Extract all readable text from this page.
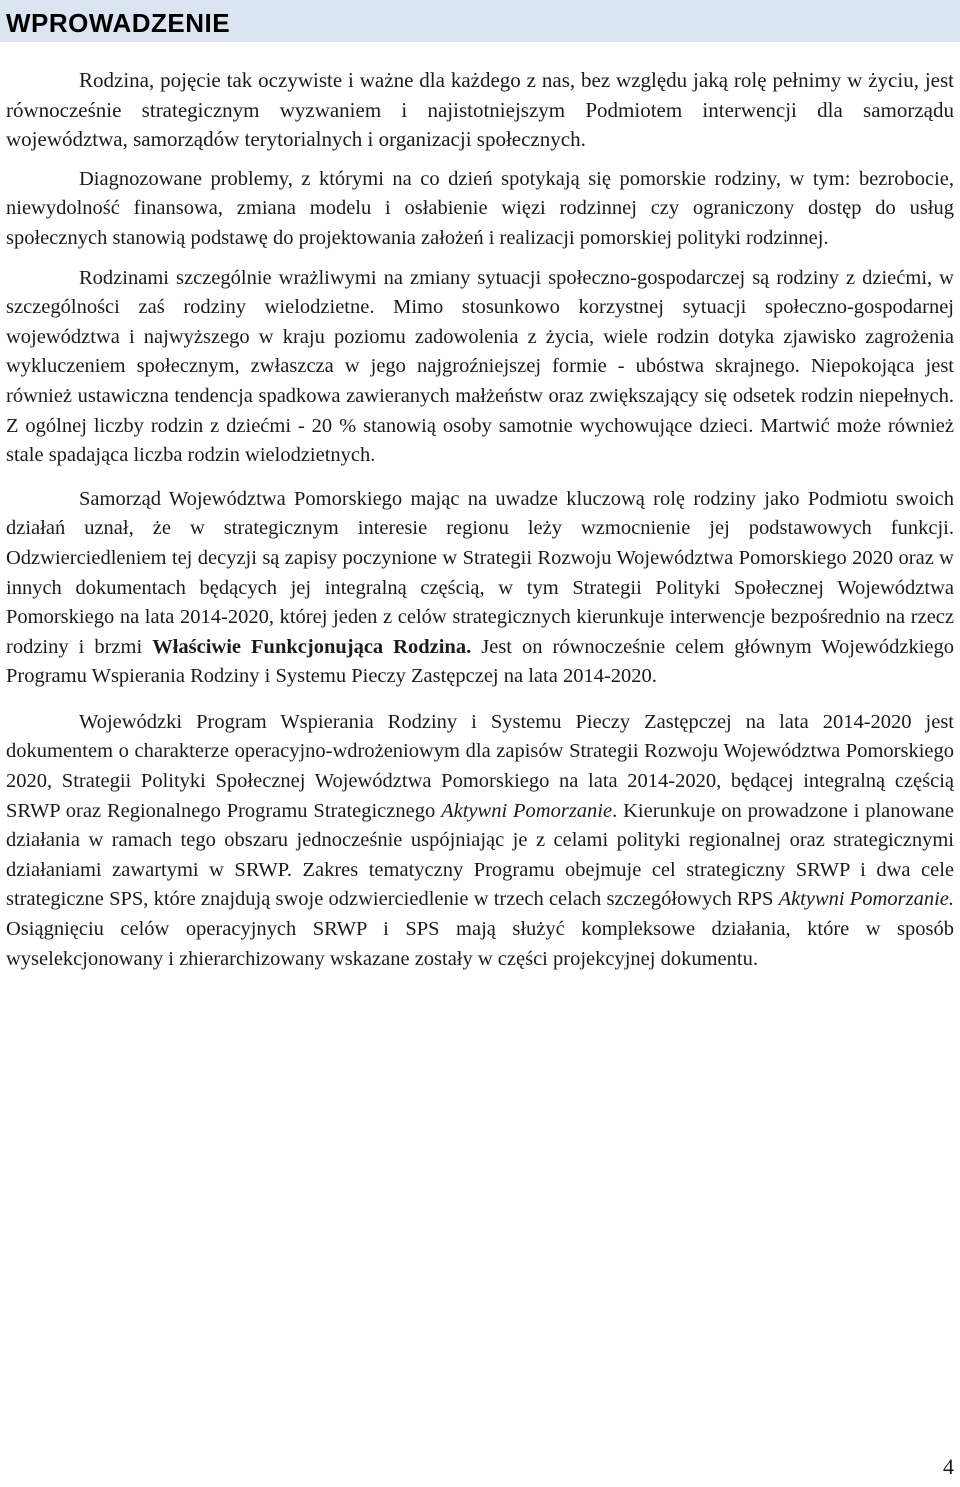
WPROWADZENIE

Rodzina, pojęcie tak oczywiste i ważne dla każdego z nas, bez względu jaką rolę pełnimy w życiu, jest równocześnie strategicznym wyzwaniem i najistotniejszym Podmiotem interwencji dla samorządu województwa, samorządów terytorialnych i organizacji społecznych.

Diagnozowane problemy, z którymi na co dzień spotykają się pomorskie rodziny, w tym: bezrobocie, niewydolność finansowa, zmiana modelu i osłabienie więzi rodzinnej czy ograniczony dostęp do usług społecznych stanowią podstawę do projektowania założeń i realizacji pomorskiej polityki rodzinnej.

Rodzinami szczególnie wrażliwymi na zmiany sytuacji społeczno-gospodarczej są rodziny z dziećmi, w szczególności zaś rodziny wielodzietne. Mimo stosunkowo korzystnej sytuacji społeczno-gospodarnej województwa i najwyższego w kraju poziomu zadowolenia z życia, wiele rodzin dotyka zjawisko zagrożenia wykluczeniem społecznym, zwłaszcza w jego najgroźniejszej formie - ubóstwa skrajnego. Niepokojąca jest również ustawiczna tendencja spadkowa zawieranych małżeństw oraz zwiększający się odsetek rodzin niepełnych. Z ogólnej liczby rodzin z dziećmi - 20 % stanowią osoby samotnie wychowujące dzieci. Martwić może również stale spadająca liczba rodzin wielodzietnych.

Samorząd Województwa Pomorskiego mając na uwadze kluczową rolę rodziny jako Podmiotu swoich działań uznał, że w strategicznym interesie regionu leży wzmocnienie jej podstawowych funkcji. Odzwierciedleniem tej decyzji są zapisy poczynione w Strategii Rozwoju Województwa Pomorskiego 2020 oraz w innych dokumentach będących jej integralną częścią, w tym Strategii Polityki Społecznej Województwa Pomorskiego na lata 2014-2020, której jeden z celów strategicznych kierunkuje interwencje bezpośrednio na rzecz rodziny i brzmi Właściwie Funkcjonująca Rodzina. Jest on równocześnie celem głównym Wojewódzkiego Programu Wspierania Rodziny i Systemu Pieczy Zastępczej na lata 2014-2020.

Wojewódzki Program Wspierania Rodziny i Systemu Pieczy Zastępczej na lata 2014-2020 jest dokumentem o charakterze operacyjno-wdrożeniowym dla zapisów Strategii Rozwoju Województwa Pomorskiego 2020, Strategii Polityki Społecznej Województwa Pomorskiego na lata 2014-2020, będącej integralną częścią SRWP oraz Regionalnego Programu Strategicznego Aktywni Pomorzanie. Kierunkuje on prowadzone i planowane działania w ramach tego obszaru jednocześnie uspójniając je z celami polityki regionalnej oraz strategicznymi działaniami zawartymi w SRWP. Zakres tematyczny Programu obejmuje cel strategiczny SRWP i dwa cele strategiczne SPS, które znajdują swoje odzwierciedlenie w trzech celach szczegółowych RPS Aktywni Pomorzanie. Osiągnięciu celów operacyjnych SRWP i SPS mają służyć kompleksowe działania, które w sposób wyselekcjonowany i zhierarchizowany wskazane zostały w części projekcyjnej dokumentu.

4
